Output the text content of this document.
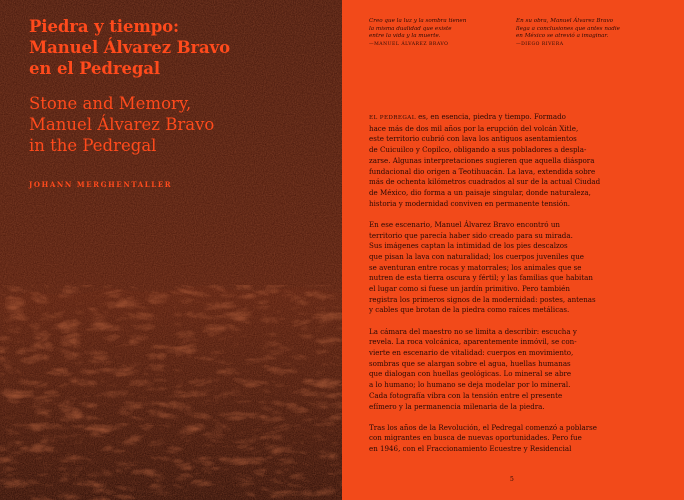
Piedra y tiempo:
Manuel Álvarez Bravo
en el Pedregal
Stone and Memory,
Manuel Álvarez Bravo
in the Pedregal
JOHANN MERGHENTALLER
Creo que la luz y la sombra tienen
la misma dualidad que existe
entre la vida y la muerte.
—MANUEL ÁLVAREZ BRAVO
En su obra, Manuel Álvarez Bravo
llega a conclusiones que antes nadie
en México se atrevió a imaginar.
—DIEGO RIVERA
EL PEDREGAL es, en esencia, piedra y tiempo. Formado
hace más de dos mil años por la erupción del volcán Xitle,
este territorio cubrió con lava los antiguos asentamientos
de Cuicuilco y Copilco, obligando a sus pobladores a despla-
zarse. Algunas interpretaciones sugieren que aquella diáspora
fundacional dio origen a Teotihuacán. La lava, extendida sobre
más de ochenta kilómetros cuadrados al sur de la actual Ciudad
de México, dio forma a un paisaje singular, donde naturaleza,
historia y modernidad conviven en permanente tensión.
En ese escenario, Manuel Álvarez Bravo encontró un
territorio que parecía haber sido creado para su mirada.
Sus imágenes captan la intimidad de los pies descalzos
que pisan la lava con naturalidad; los cuerpos juveniles que
se aventuran entre rocas y matorrales; los animales que se
nutren de esta tierra oscura y fértil; y las familias que habitan
el lugar como si fuese un jardín primitivo. Pero también
registra los primeros signos de la modernidad: postes, antenas
y cables que brotan de la piedra como raíces metálicas.
La cámara del maestro no se limita a describir: escucha y
revela. La roca volcánica, aparentemente inmóvil, se con-
vierte en escenario de vitalidad: cuerpos en movimiento,
sombras que se alargan sobre el agua, huellas humanas
que dialogan con huellas geológicas. Lo mineral se abre
a lo humano; lo humano se deja modelar por lo mineral.
Cada fotografía vibra con la tensión entre el presente
efímero y la permanencia milenaria de la piedra.
Tras los años de la Revolución, el Pedregal comenzó a poblarse
con migrantes en busca de nuevas oportunidades. Pero fue
en 1946, con el Fraccionamiento Ecuestre y Residencial
5
